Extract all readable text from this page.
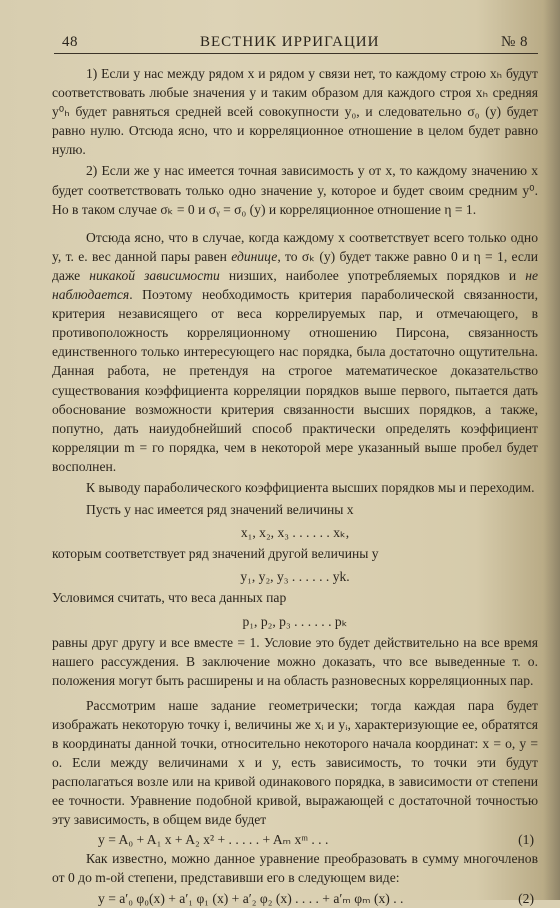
48	ВЕСТНИК ИРРИГАЦИИ	№ 8

1) Если у нас между рядом x и рядом y связи нет, то каждому строю xₕ будут соответствовать любые значения у и таким образом для каждого строя xₕ средняя y⁰ₕ будет равняться средней всей совокупности y₀, и следовательно σ₀ (y) будет равно нулю. Отсюда ясно, что и корреляционное отношение в целом будет равно нулю.

2) Если же у нас имеется точная зависимость y от x, то каждому значению x будет соответствовать только одно значение y, которое и будет своим средним y⁰. Но в таком случае σₖ = 0 и σᵧ = σ₀ (y) и корреляционное отношение η = 1.

Отсюда ясно, что в случае, когда каждому x соответствует всего только одно y, т. е. вес данной пары равен единице, то σₖ (y) будет также равно 0 и η = 1, если даже никакой зависимости низших, наиболее употребляемых порядков и не наблюдается. Поэтому необходимость критерия параболической связанности, критерия независящего от веса коррелируемых пар, и отмечающего, в противоположность корреляционному отношению Пирсона, связанность единственного только интересующего нас порядка, была достаточно ощутительна. Данная работа, не претендуя на строгое математическое доказательство существования коэффициента корреляции порядков выше первого, пытается дать обоснование возможности критерия связанности высших порядков, а также, попутно, дать наиудобнейший способ практически определять коэффициент корреляции m = го порядка, чем в некоторой мере указанный выше пробел будет восполнен.

К выводу параболического коэффициента высших порядков мы и переходим.

Пусть у нас имеется ряд значений величины x

x₁, x₂, x₃ . . . . . . xₖ,

которым соответствует ряд значений другой величины y

y₁, y₂, y₃ . . . . . . yk.

Условимся считать, что веса данных пар

p₁, p₂, p₃ . . . . . . pₖ

равны друг другу и все вместе = 1. Условие это будет действительно на все время нашего рассуждения. В заключение можно доказать, что все выведенные т. о. положения могут быть расширены и на область разновесных корреляционных пар.

Рассмотрим наше задание геометрически; тогда каждая пара будет изображать некоторую точку i, величины же xᵢ и yᵢ, характеризующие ее, обратятся в координаты данной точки, относительно некоторого начала координат: x = o, y = o. Если между величинами x и y, есть зависимость, то точки эти будут располагаться возле или на кривой одинакового порядка, в зависимости от степени ее точности. Уравнение подобной кривой, выражающей с достаточной точностью эту зависимость, в общем виде будет

y = A₀ + A₁ x + A₂ x² + . . . . . + Aₘ xᵐ . . .	(1)

Как известно, можно данное уравнение преобразовать в сумму многочленов от 0 до m-ой степени, представивши его в следующем виде:

y = a′₀ φ₀(x) + a′₁ φ₁ (x) + a′₂ φ₂ (x) . . . . + a′ₘ φₘ (x) . .	(2)
